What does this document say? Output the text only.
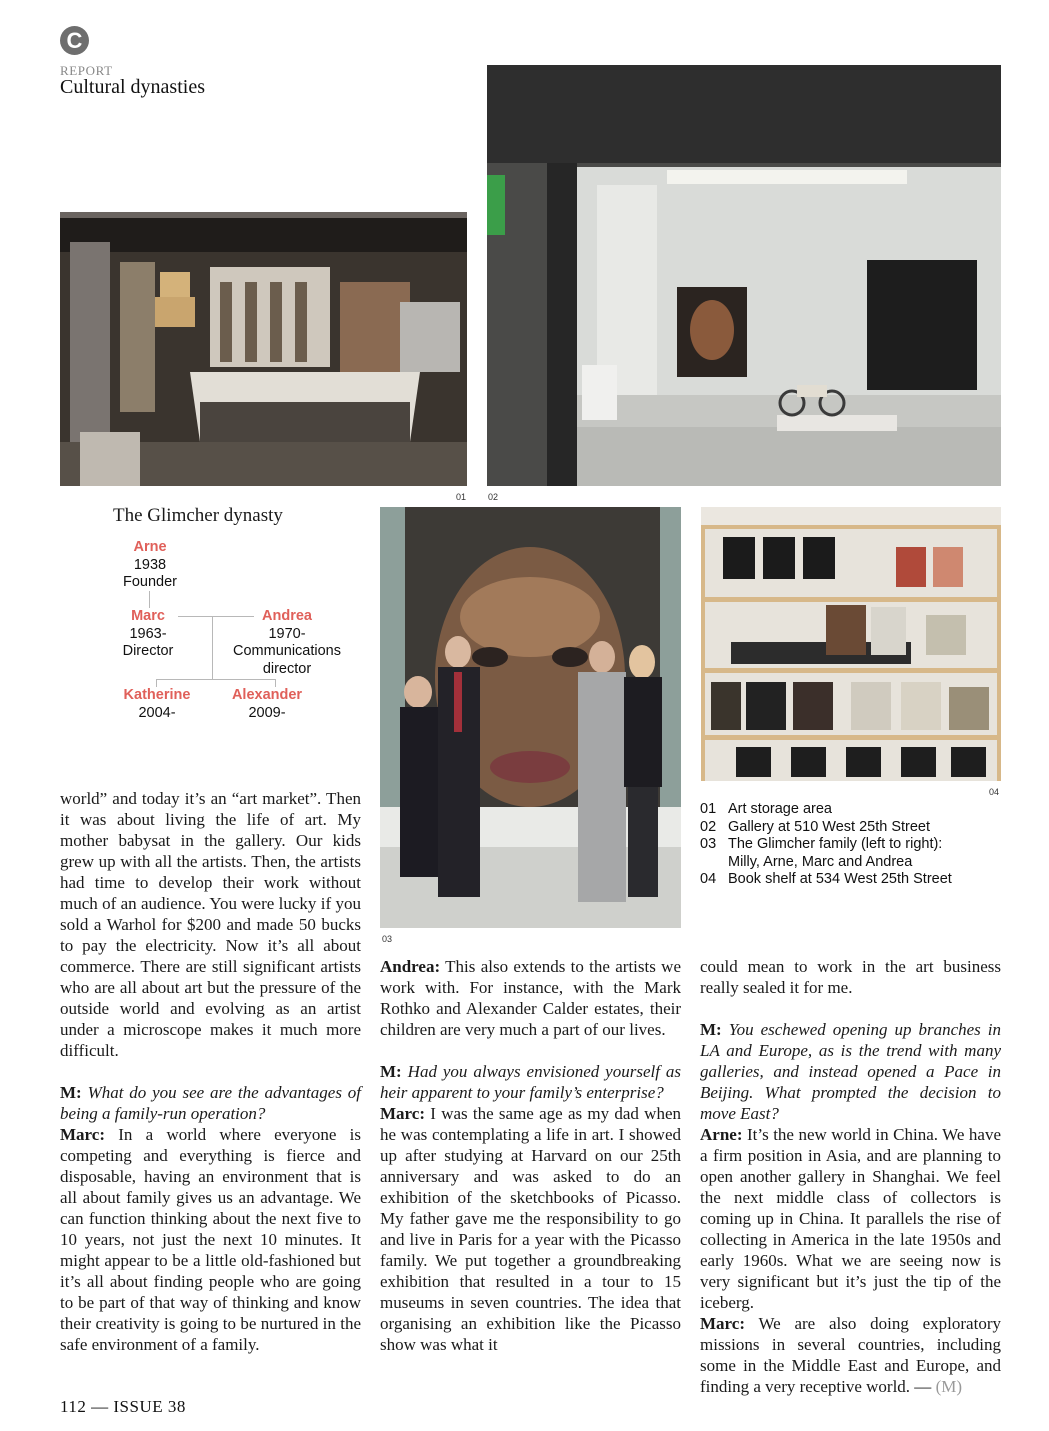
C
REPORT
Cultural dynasties
01 02
03
04
The Glimcher dynasty
Arne
1938
Founder
Marc
1963-
Director
Andrea
1970-
Communications
director
Katherine
2004-
Alexander
2009-
01 Art storage area
02 Gallery at 510 West 25th Street
03 The Glimcher family (left to right):
Milly, Arne, Marc and Andrea
04 Book shelf at 534 West 25th Street

world” and today it’s an “art market”. Then it was about living the life of art. My mother babysat in the gallery. Our kids grew up with all the artists. Then, the artists had time to develop their work without much of an audience. You were lucky if you sold a Warhol for $200 and made 50 bucks to pay the electricity. Now it’s all about commerce. There are still significant artists who are all about art but the pressure of the outside world and evolving as an artist under a microscope makes it much more difficult.

M: What do you see are the advantages of being a family-run operation?

Marc: In a world where everyone is competing and everything is fierce and disposable, having an environment that is all about family gives us an advantage. We can function thinking about the next five to 10 years, not just the next 10 minutes. It might appear to be a little old-fashioned but it’s all about finding people who are going to be part of that way of thinking and know their creativity is going to be nurtured in the safe environment of a family.

Andrea: This also extends to the artists we work with. For instance, with the Mark Rothko and Alexander Calder estates, their children are very much a part of our lives.

M: Had you always envisioned yourself as heir apparent to your family’s enterprise?

Marc: I was the same age as my dad when he was contemplating a life in art. I showed up after studying at Harvard on our 25th anniversary and was asked to do an exhibition of the sketchbooks of Picasso. My father gave me the responsibility to go and live in Paris for a year with the Picasso family. We put together a groundbreaking exhibition that resulted in a tour to 15 museums in seven countries. The idea that organising an exhibition like the Picasso show was what it

could mean to work in the art business really sealed it for me.

M: You eschewed opening up branches in LA and Europe, as is the trend with many galleries, and instead opened a Pace in Beijing. What prompted the decision to move East?

Arne: It’s the new world in China. We have a firm position in Asia, and are planning to open another gallery in Shanghai. We feel the next middle class of collectors is coming up in China. It parallels the rise of collecting in America in the late 1950s and early 1960s. What we are seeing now is very significant but it’s just the tip of the iceberg.

Marc: We are also doing exploratory missions in several countries, including some in the Middle East and Europe, and finding a very receptive world. — (M)

112 — ISSUE 38
